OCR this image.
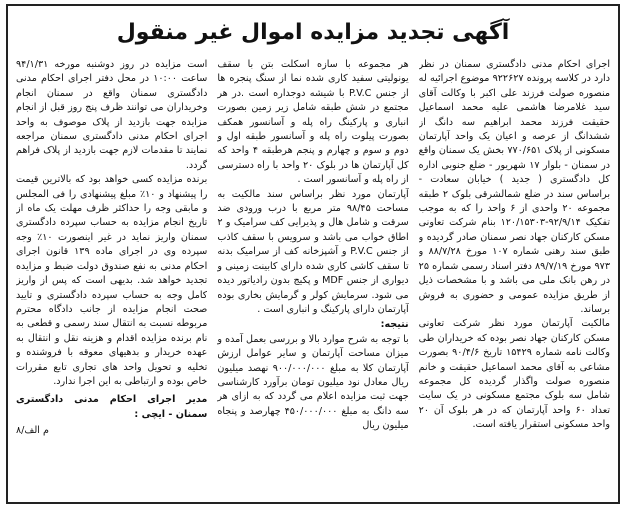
آگهی تجدید مزایده اموال غیر منقول

اجرای احکام مدنی دادگستری سمنان در نظر دارد در کلاسه پرونده ۹۲۲۶۲۷ موضوع اجرائیه له منصوره صولت فرزند علی اکبر با وکالت آقای سید غلامرضا هاشمی علیه محمد اسماعیل حقیقت فرزند محمد ابراهیم سه دانگ از ششدانگ از عرصه و اعیان یک واحد آپارتمان مسکونی از پلاک ۷۷۰/۶۵۱ بخش یک سمنان واقع در سمنان - بلوار ۱۷ شهریور - ضلع جنوبی اداره کل دادگستری ( جدید ) خیابان سعادت - براساس سند در ضلع شمالشرقی بلوک ۲ طبقه مجموعه ۲۰ واحدی از ۶ واحد را که به موجب تفکیک ۹۲/۹/۱۴-۱۲۰/۱۵۳۰۳ بنام شرکت تعاونی مسکن کارکنان جهاد نصر سمنان صادر گردیده و طبق سند رهنی شماره ۱۰۷ مورخ ۸۸/۷/۲۸ و ۹۷۳ مورخ ۸۹/۷/۱۹ دفتر اسناد رسمی شماره ۲۵ در رهن بانک ملی می باشد و با مشخصات ذیل از طریق مزایده عمومی و حضوری به فروش برساند.

مالکیت آپارتمان مورد نظر شرکت تعاونی مسکن کارکنان جهاد نصر بوده که خریداران طی وکالت نامه شماره ۱۵۴۲۹ تاریخ ۹۰/۴/۶ بصورت مشاعی به آقای محمد اسماعیل حقیقت و خانم منصوره صولت واگذار گردیده کل مجموعه شامل سه بلوک مجتمع مسکونی در یک سایت تعداد ۶۰ واحد آپارتمان که در هر بلوک آن ۲۰ واحد مسکونی استقرار یافته است.

هر مجموعه با سازه اسکلت بتن با سقف یونولیتی سفید کاری شده نما از سنگ پنجره ها از جنس P.V.C با شیشه دوجداره است .در هر مجتمع در شش طبقه شامل زیر زمین بصورت انباری و پارکینگ راه پله و آسانسور همکف بصورت پیلوت راه پله و آسانسور طبقه اول و دوم و سوم و چهارم و پنجم هرطبقه ۴ واحد که کل آپارتمان ها در بلوک ۲۰ واحد با راه دسترسی از راه پله و آسانسور است .

آپارتمان مورد نظر براساس سند مالکیت به مساحت ۹۸/۴۵ متر مربع با درب ورودی ضد سرقت و شامل هال و پذیرایی کف سرامیک و ۲ اطاق خواب می باشد و سرویس با سقف کاذب از جنس P.V.C و آشپزخانه کف از سرامیک بدنه تا سقف کاشی کاری شده دارای کابینت زمینی و دیواری از جنس MDF و پکیج بدون رادیاتور دیده می شود. سرمایش کولر و گرمایش بخاری بوده آپارتمان دارای پارکینگ و انباری است .

نتیجه:

با توجه به شرح موارد بالا و بررسی بعمل آمده و میزان مساحت آپارتمان و سایر عوامل ارزش آپارتمان کلا به مبلغ ۹۰۰/۰۰۰/۰۰۰ نهصد میلیون ریال معادل نود میلیون تومان برآورد کارشناسی جهت ثبت مزایده اعلام می گردد که به ازای هر سه دانگ به مبلغ ۴۵۰/۰۰۰/۰۰۰ چهارصد و پنجاه میلیون ریال

است مزایده در روز دوشنبه مورخه ۹۴/۱/۳۱ ساعت ۱۰:۰۰ در محل دفتر اجرای احکام مدنی دادگستری سمنان واقع در سمنان انجام وخریداران می توانند ظرف پنج روز قبل از انجام مزایده جهت بازدید از پلاک موصوف به واحد اجرای احکام مدنی دادگستری سمنان مراجعه نمایند تا مقدمات لازم جهت بازدید از پلاک فراهم گردد.

برنده مزایده کسی خواهد بود که بالاترین قیمت را پیشنهاد و ۱۰٪ مبلغ پیشنهادی را فی المجلس و مابقی وجه را حداکثر ظرف مهلت یک ماه از تاریخ انجام مزایده به حساب سپرده دادگستری سمنان واریز نماید در غیر اینصورت ۱۰٪ وجه سپرده وی در اجرای ماده ۱۳۹ قانون اجرای احکام مدنی به نفع صندوق دولت ضبط و مزایده تجدید خواهد شد. بدیهی است که پس از واریز کامل وجه به حساب سپرده دادگستری و تایید صحت انجام مزایده از جانب دادگاه محترم مربوطه نسبت به انتقال سند رسمی و قطعی به نام برنده مزایده اقدام و هزینه نقل و انتقال به عهده خریدار و بدهیهای معوقه با فروشنده و تخلیه و تحویل واحد های تجاری تابع مقررات خاص بوده و ارتباطی به این اجرا ندارد.

مدیر اجرای احکام مدنی دادگستری سمنان - ایچی :

م الف/۸
